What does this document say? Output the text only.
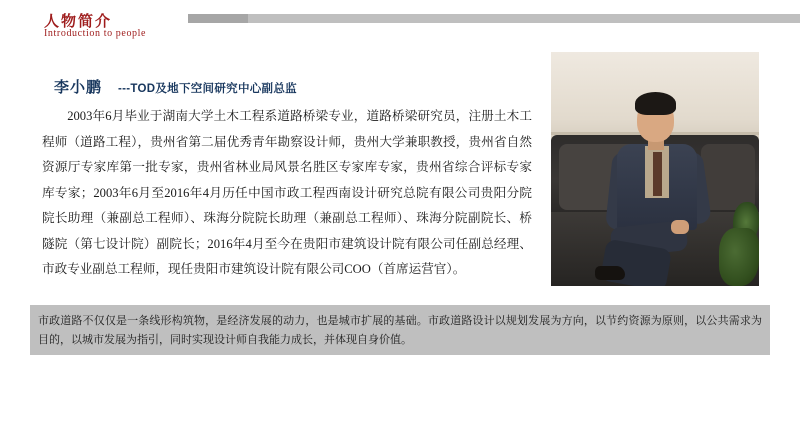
人物简介
Introduction to people
李小鹏 ---TOD及地下空间研究中心副总监
2003年6月毕业于湖南大学土木工程系道路桥梁专业，道路桥梁研究员，注册土木工程师（道路工程），贵州省第二届优秀青年勘察设计师，贵州大学兼职教授，贵州省自然资源厅专家库第一批专家，贵州省林业局风景名胜区专家库专家，贵州省综合评标专家库专家；2003年6月至2016年4月历任中国市政工程西南设计研究总院有限公司贵阳分院院长助理（兼副总工程师）、珠海分院院长助理（兼副总工程师）、珠海分院副院长、桥隧院（第七设计院）副院长；2016年4月至今在贵阳市建筑设计院有限公司任副总经理、市政专业副总工程师，现任贵阳市建筑设计院有限公司COO（首席运营官）。
市政道路不仅仅是一条线形构筑物，是经济发展的动力，也是城市扩展的基础。市政道路设计以规划发展为方向，以节约资源为原则，以公共需求为目的，以城市发展为指引，同时实现设计师自我能力成长，并体现自身价值。
